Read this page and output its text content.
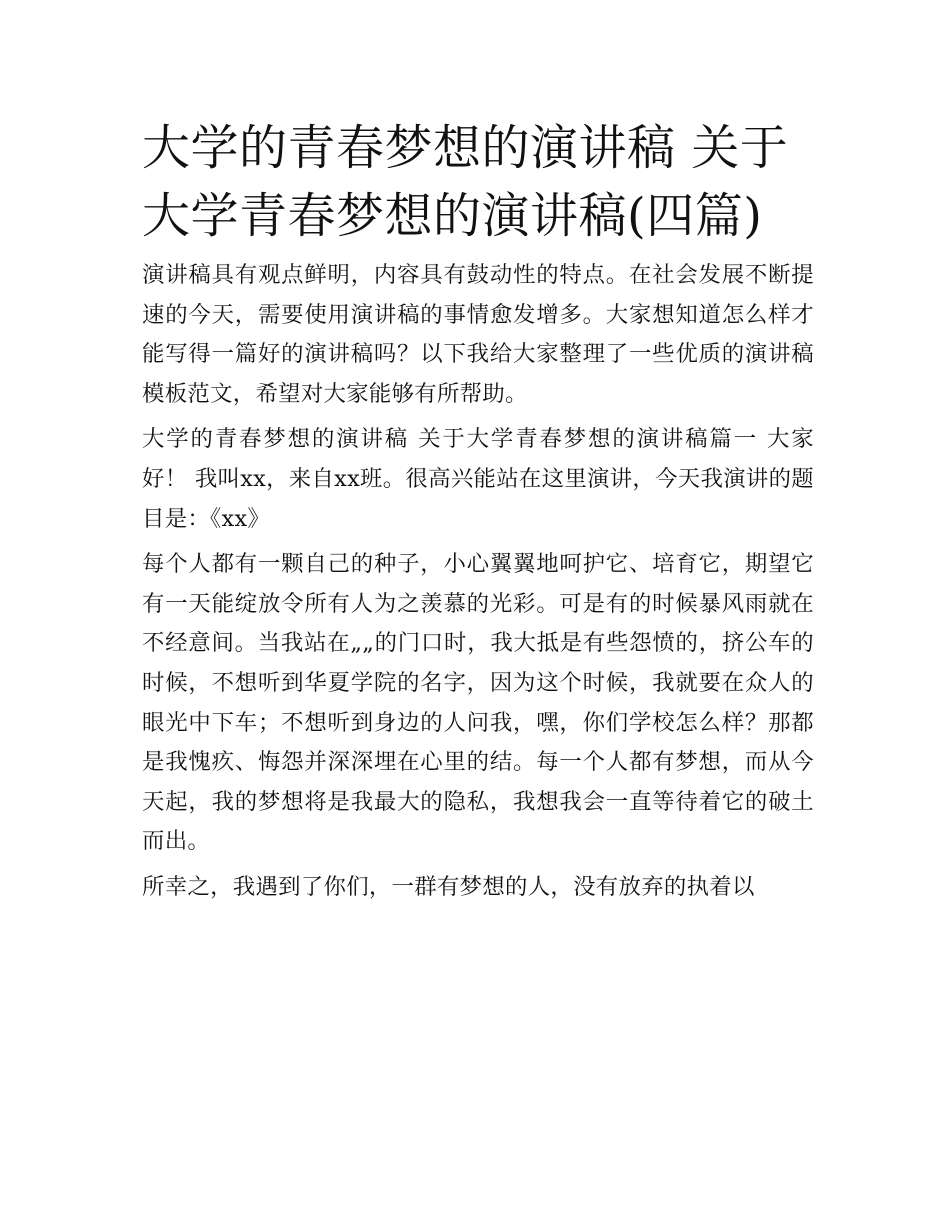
大学的青春梦想的演讲稿 关于
大学青春梦想的演讲稿(四篇)

演讲稿具有观点鲜明，内容具有鼓动性的特点。在社会发展不断提速的今天，需要使用演讲稿的事情愈发增多。大家想知道怎么样才能写得一篇好的演讲稿吗？以下我给大家整理了一些优质的演讲稿模板范文，希望对大家能够有所帮助。

大学的青春梦想的演讲稿 关于大学青春梦想的演讲稿篇一 大家好！ 我叫xx，来自xx班。很高兴能站在这里演讲，今天我演讲的题目是：《xx》

每个人都有一颗自己的种子，小心翼翼地呵护它、培育它，期望它有一天能绽放令所有人为之羡慕的光彩。可是有的时候暴风雨就在不经意间。当我站在„„的门口时，我大抵是有些怨愤的，挤公车的时候，不想听到华夏学院的名字，因为这个时候，我就要在众人的眼光中下车；不想听到身边的人问我，嘿，你们学校怎么样？那都是我愧疚、悔怨并深深埋在心里的结。每一个人都有梦想，而从今天起，我的梦想将是我最大的隐私，我想我会一直等待着它的破土而出。

所幸之，我遇到了你们，一群有梦想的人，没有放弃的执着以
